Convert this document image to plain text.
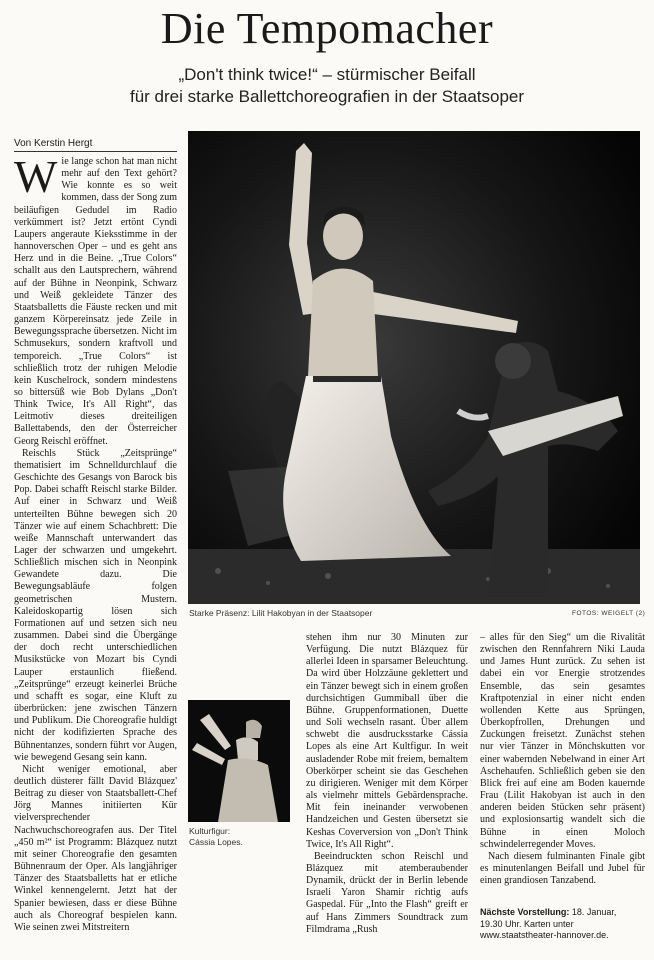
Die Tempomacher
„Don't think twice!“ – stürmischer Beifall
für drei starke Ballettchoreografien in der Staatsoper
Von Kerstin Hergt

Wie lange schon hat man nicht mehr auf den Text gehört? Wie konnte es so weit kommen, dass der Song zum beiläufigen Gedudel im Radio verkümmert ist? Jetzt ertönt Cyndi Laupers angeraute Kieksstimme in der hannoverschen Oper – und es geht ans Herz und in die Beine. „True Colors“ schallt aus den Lautsprechern, während auf der Bühne in Neonpink, Schwarz und Weiß gekleidete Tänzer des Staatsballetts die Fäuste recken und mit ganzem Körpereinsatz jede Zeile in Bewegungssprache übersetzen. Nicht im Schmusekurs, sondern kraftvoll und temporeich. „True Colors“ ist schließlich trotz der ruhigen Melodie kein Kuschelrock, sondern mindestens so bittersüß wie Bob Dylans „Don't Think Twice, It's All Right“, das Leitmotiv dieses dreiteiligen Ballettabends, den der Österreicher Georg Reischl eröffnet.

Reischls Stück „Zeitsprünge“ thematisiert im Schnelldurchlauf die Geschichte des Gesangs von Barock bis Pop. Dabei schafft Reischl starke Bilder. Auf einer in Schwarz und Weiß unterteilten Bühne bewegen sich 20 Tänzer wie auf einem Schachbrett: Die weiße Mannschaft unterwandert das Lager der schwarzen und umgekehrt. Schließlich mischen sich in Neonpink Gewandete dazu. Die Bewegungsabläufe folgen geometrischen Mustern. Kaleidoskopartig lösen sich Formationen auf und setzen sich neu zusammen. Dabei sind die Übergänge der doch recht unterschiedlichen Musikstücke von Mozart bis Cyndi Lauper erstaunlich fließend. „Zeitsprünge“ erzeugt keinerlei Brüche und schafft es sogar, eine Kluft zu überbrücken: jene zwischen Tänzern und Publikum. Die Choreografie huldigt nicht der kodifizierten Sprache des Bühnentanzes, sondern führt vor Augen, wie bewegend Gesang sein kann.

Nicht weniger emotional, aber deutlich düsterer fällt David Blázquez' Beitrag zu dieser von Staatsballett-Chef Jörg Mannes initiierten Kür vielversprechender Nachwuchschoreografen aus. Der Titel „450 m²“ ist Programm: Blázquez nutzt mit seiner Choreografie den gesamten Bühnenraum der Oper. Als langjähriger Tänzer des Staatsballetts hat er etliche Winkel kennengelernt. Jetzt hat der Spanier bewiesen, dass er diese Bühne auch als Choreograf bespielen kann. Wie seinen zwei Mitstreitern

Starke Präsenz: Lilit Hakobyan in der Staatsoper	FOTOS: WEIGELT (2)
Kulturfigur:
Cássia Lopes.

stehen ihm nur 30 Minuten zur Verfügung. Die nutzt Blázquez für allerlei Ideen in sparsamer Beleuchtung. Da wird über Holzzäune geklettert und ein Tänzer bewegt sich in einem großen durchsichtigen Gummiball über die Bühne. Gruppenformationen, Duette und Soli wechseln rasant. Über allem schwebt die ausdrucksstarke Cássia Lopes als eine Art Kultfigur. In weit ausladender Robe mit freiem, bemaltem Oberkörper scheint sie das Geschehen zu dirigieren. Weniger mit dem Körper als vielmehr mittels Gebärdensprache. Mit fein ineinander verwobenen Handzeichen und Gesten übersetzt sie Keshas Coverversion von „Don't Think Twice, It's All Right“.

Beeindruckten schon Reischl und Blázquez mit atemberaubender Dynamik, drückt der in Berlin lebende Israeli Yaron Shamir richtig aufs Gaspedal. Für „Into the Flash“ greift er auf Hans Zimmers Soundtrack zum Filmdrama „Rush

– alles für den Sieg“ um die Rivalität zwischen den Rennfahrern Niki Lauda und James Hunt zurück. Zu sehen ist dabei ein vor Energie strotzendes Ensemble, das sein gesamtes Kraftpotenzial in einer nicht enden wollenden Kette aus Sprüngen, Überkopfrollen, Drehungen und Zuckungen freisetzt. Zunächst stehen nur vier Tänzer in Mönchskutten vor einer wabernden Nebelwand in einer Art Aschehaufen. Schließlich geben sie den Blick frei auf eine am Boden kauernde Frau (Lilit Hakobyan ist auch in den anderen beiden Stücken sehr präsent) und explosionsartig wandelt sich die Bühne in einen Moloch schwindelerregender Moves.

Nach diesem fulminanten Finale gibt es minutenlangen Beifall und Jubel für einen grandiosen Tanzabend.

Nächste Vorstellung: 18. Januar,
19.30 Uhr. Karten unter
www.staatstheater-hannover.de.
